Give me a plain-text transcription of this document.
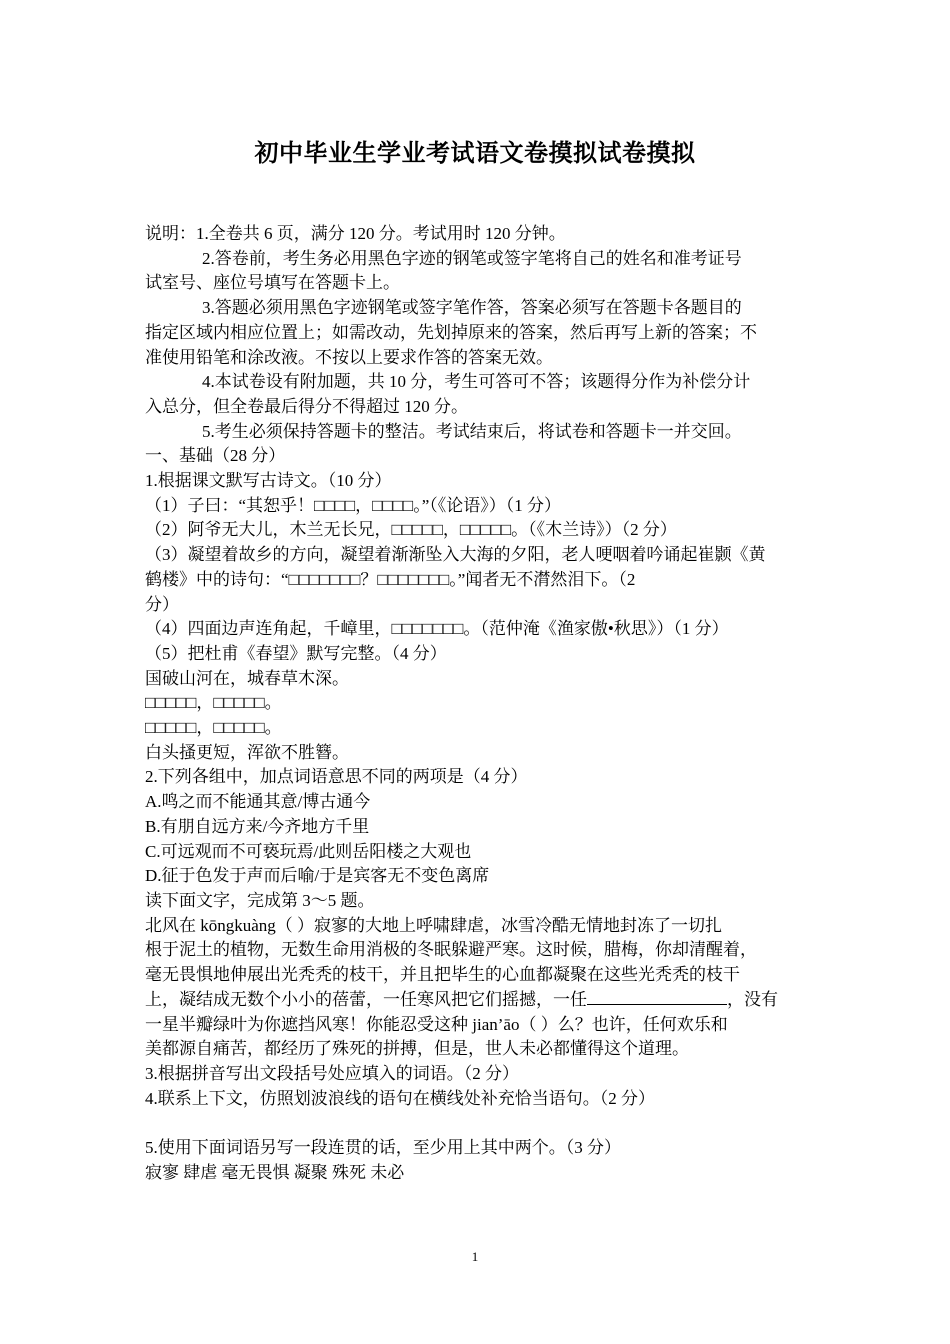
初中毕业生学业考试语文卷摸拟试卷摸拟

说明：1.全卷共 6 页，满分 120 分。考试用时 120 分钟。

2.答卷前，考生务必用黑色字迹的钢笔或签字笔将自己的姓名和准考证号

试室号、座位号填写在答题卡上。

3.答题必须用黑色字迹钢笔或签字笔作答，答案必须写在答题卡各题目的

指定区域内相应位置上；如需改动，先划掉原来的答案，然后再写上新的答案；不

准使用铅笔和涂改液。不按以上要求作答的答案无效。

4.本试卷设有附加题，共 10 分，考生可答可不答；该题得分作为补偿分计

入总分，但全卷最后得分不得超过 120 分。

5.考生必须保持答题卡的整洁。考试结束后，将试卷和答题卡一并交回。

一、基础（28 分）

1.根据课文默写古诗文。（10 分）

（1）子曰：“其恕乎！□□□□，□□□□。”（《论语》）（1 分）

（2）阿爷无大儿，木兰无长兄，□□□□□，□□□□□。（《木兰诗》）（2 分）

（3）凝望着故乡的方向，凝望着渐渐坠入大海的夕阳，老人哽咽着吟诵起崔颢《黄

鹤楼》中的诗句：“□□□□□□□？□□□□□□□。”闻者无不潸然泪下。（2

分）

（4）四面边声连角起，千嶂里，□□□□□□□。（范仲淹《渔家傲•秋思》）（1 分）

（5）把杜甫《春望》默写完整。（4 分）

国破山河在，城春草木深。

□□□□□，□□□□□。

□□□□□，□□□□□。

白头搔更短，浑欲不胜簪。

2.下列各组中，加点词语意思不同的两项是（4 分）

A.鸣之而不能通其意/博古通今

B.有朋自远方来/今齐地方千里

C.可远观而不可亵玩焉/此则岳阳楼之大观也

D.征于色发于声而后喻/于是宾客无不变色离席

读下面文字，完成第 3～5 题。

北风在 kōngkuàng（ ）寂寥的大地上呼啸肆虐，冰雪冷酷无情地封冻了一切扎

根于泥土的植物，无数生命用消极的冬眠躲避严寒。这时候，腊梅，你却清醒着，

毫无畏惧地伸展出光秃秃的枝干，并且把毕生的心血都凝聚在这些光秃秃的枝干

上，凝结成无数个小小的蓓蕾，一任寒风把它们摇撼，一任	，没有

一星半瓣绿叶为你遮挡风寒！你能忍受这种 jian’āo（ ）么？也许，任何欢乐和

美都源自痛苦，都经历了殊死的拼搏，但是，世人未必都懂得这个道理。

3.根据拼音写出文段括号处应填入的词语。（2 分）

4.联系上下文，仿照划波浪线的语句在横线处补充恰当语句。（2 分）

5.使用下面词语另写一段连贯的话，至少用上其中两个。（3 分）

寂寥 肆虐 毫无畏惧 凝聚 殊死 未必

1
